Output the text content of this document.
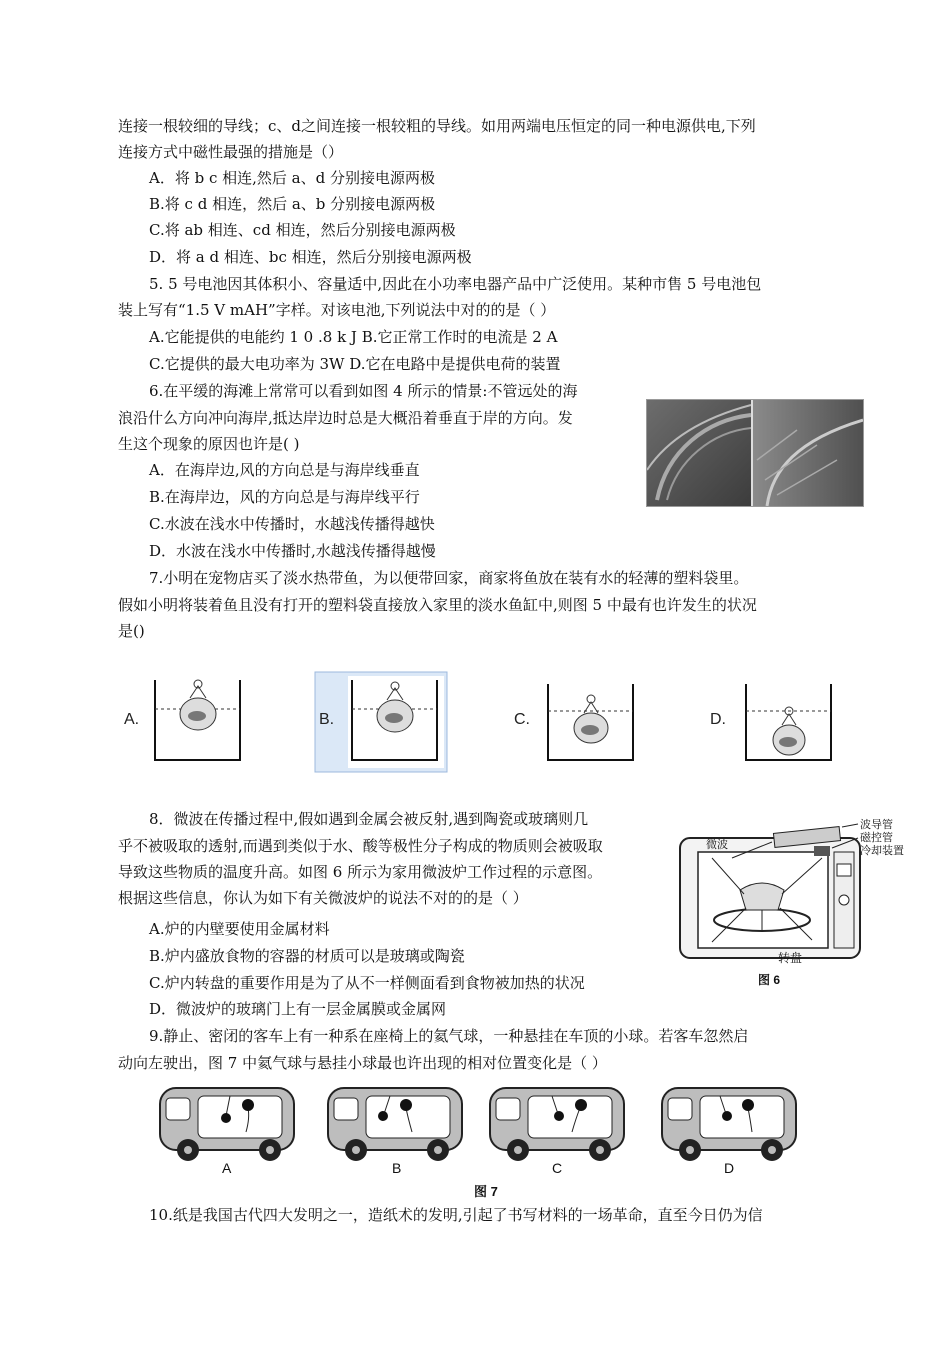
连接一根较细的导线；c、d之间连接一根较粗的导线。如用两端电压恒定的同一种电源供电,下列
连接方式中磁性最强的措施是（）
A．将 b c 相连,然后 a、d 分别接电源两极
B.将 c d 相连，然后 a、b 分别接电源两极
C.将 ab 相连、cd 相连，然后分别接电源两极
D．将 a d 相连、bc 相连，然后分别接电源两极
5. 5 号电池因其体积小、容量适中,因此在小功率电器产品中广泛使用。某种市售 5 号电池包
装上写有“1.5 V mAH”字样。对该电池,下列说法中对的的是（ ）
A.它能提供的电能约 1 0 .8 k J B.它正常工作时的电流是 2 A
C.它提供的最大电功率为 3W D.它在电路中是提供电荷的装置
6.在平缓的海滩上常常可以看到如图 4 所示的情景:不管远处的海
浪沿什么方向冲向海岸,抵达岸边时总是大概沿着垂直于岸的方向。发
生这个现象的原因也许是( )
A．在海岸边,风的方向总是与海岸线垂直
B.在海岸边，风的方向总是与海岸线平行
C.水波在浅水中传播时，水越浅传播得越快
D．水波在浅水中传播时,水越浅传播得越慢
7.小明在宠物店买了淡水热带鱼，为以便带回家，商家将鱼放在装有水的轻薄的塑料袋里。
假如小明将装着鱼且没有打开的塑料袋直接放入家里的淡水鱼缸中,则图 5 中最有也许发生的状况
是()
8．微波在传播过程中,假如遇到金属会被反射,遇到陶瓷或玻璃则几
乎不被吸取的透射,而遇到类似于水、酸等极性分子构成的物质则会被吸取
导致这些物质的温度升高。如图 6 所示为家用微波炉工作过程的示意图。
根据这些信息，你认为如下有关微波炉的说法不对的的是（ ）
A.炉的内壁要使用金属材料
B.炉内盛放食物的容器的材质可以是玻璃或陶瓷
C.炉内转盘的重要作用是为了从不一样侧面看到食物被加热的状况
D．微波炉的玻璃门上有一层金属膜或金属网
9.静止、密闭的客车上有一种系在座椅上的氦气球，一种悬挂在车顶的小球。若客车忽然启
动向左驶出，图 7 中氦气球与悬挂小球最也许出现的相对位置变化是（ ）
10.纸是我国古代四大发明之一，造纸术的发明,引起了书写材料的一场革命，直至今日仍为信
A.	B.	C.	D.
微波
波导管
磁控管
冷却装置
转盘
图 6
A	B	C	D
图 7
